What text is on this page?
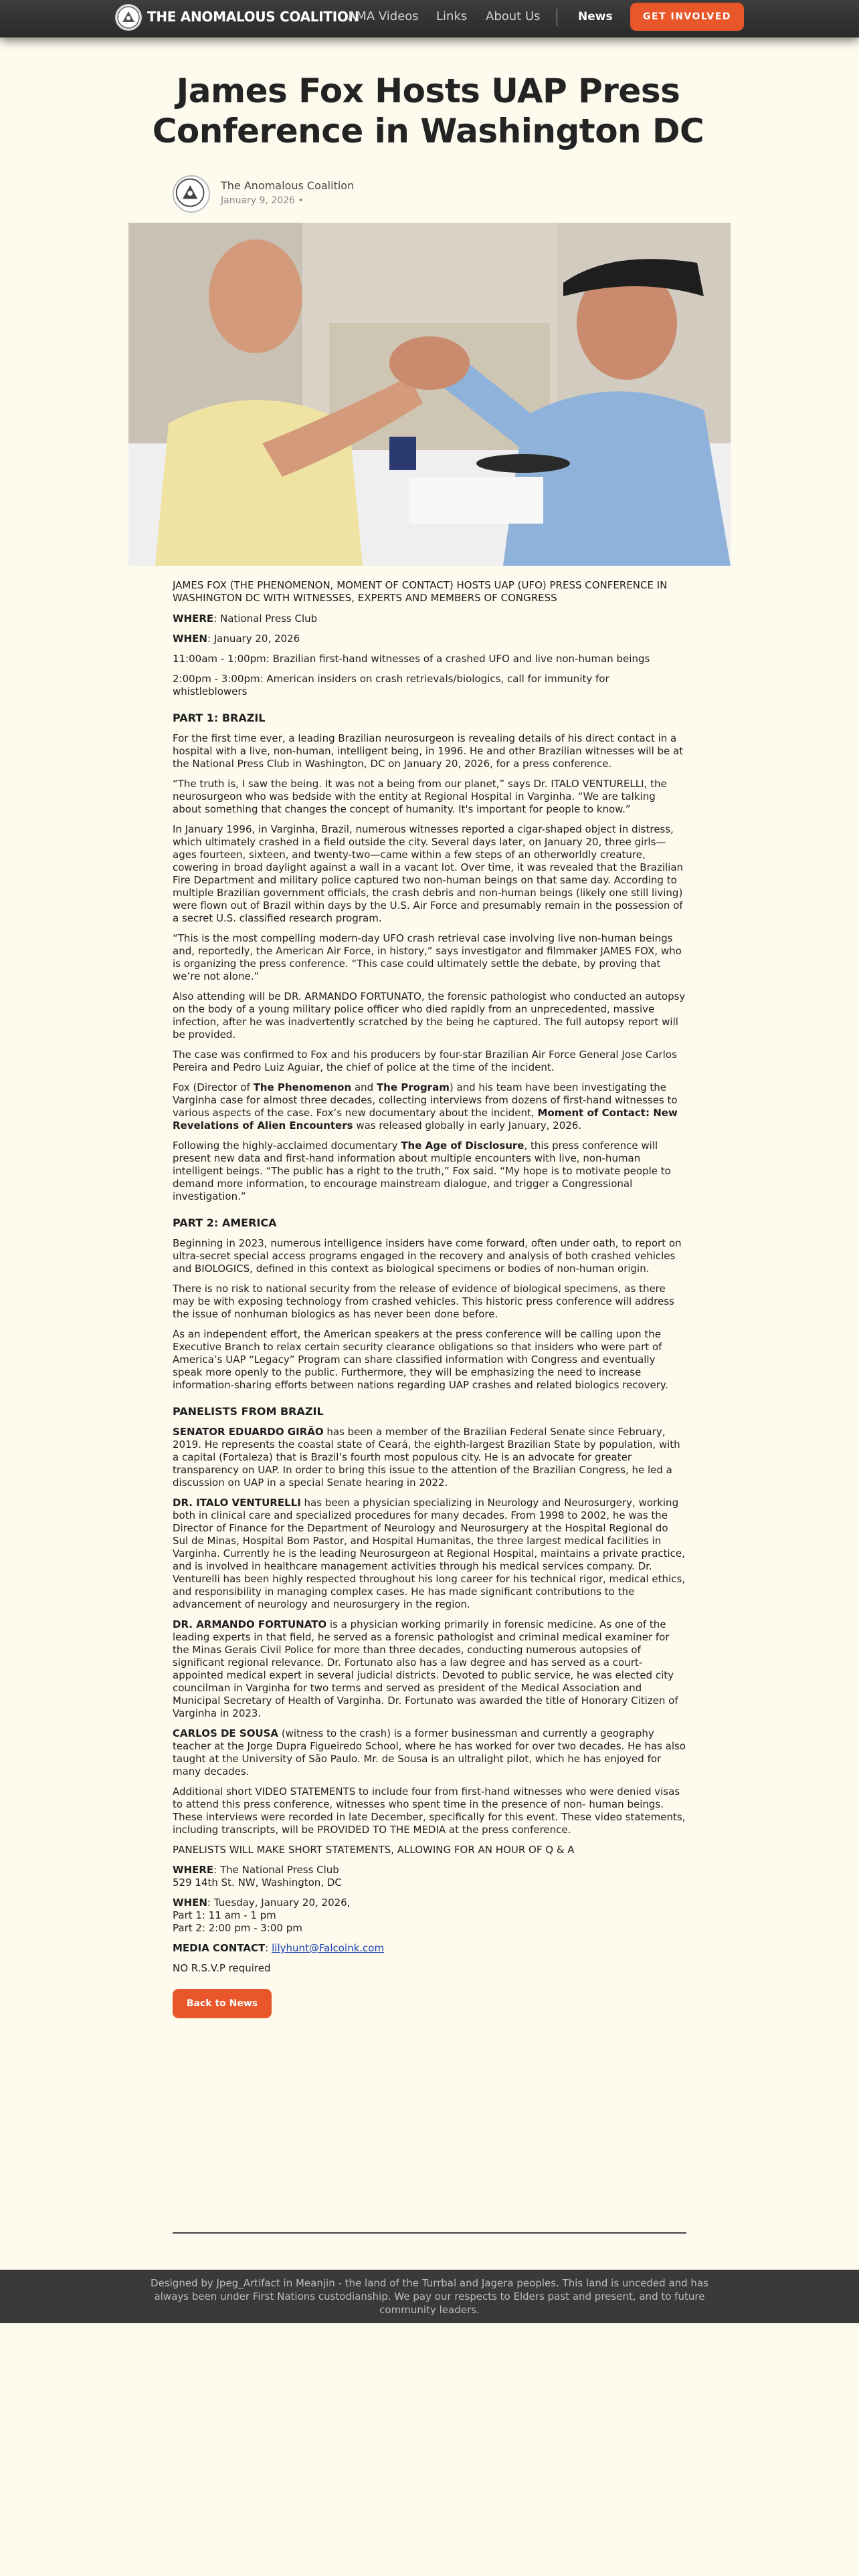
THE ANOMALOUS COALITION
AMA Videos Links About Us	News	GET INVOLVED
James Fox Hosts UAP Press Conference in Washington DC
The Anomalous Coalition
January 9, 2026 •

JAMES FOX (THE PHENOMENON, MOMENT OF CONTACT) HOSTS UAP (UFO) PRESS CONFERENCE IN WASHINGTON DC WITH WITNESSES, EXPERTS AND MEMBERS OF CONGRESS

WHERE: National Press Club

WHEN: January 20, 2026

11:00am - 1:00pm: Brazilian first-hand witnesses of a crashed UFO and live non-human beings

2:00pm - 3:00pm: American insiders on crash retrievals/biologics, call for immunity for whistleblowers

PART 1: BRAZIL

For the first time ever, a leading Brazilian neurosurgeon is revealing details of his direct contact in a hospital with a live, non-human, intelligent being, in 1996. He and other Brazilian witnesses will be at the National Press Club in Washington, DC on January 20, 2026, for a press conference.

“The truth is, I saw the being. It was not a being from our planet,” says Dr. ITALO VENTURELLI, the neurosurgeon who was bedside with the entity at Regional Hospital in Varginha. “We are talking about something that changes the concept of humanity. It's important for people to know.”

In January 1996, in Varginha, Brazil, numerous witnesses reported a cigar-shaped object in distress, which ultimately crashed in a field outside the city. Several days later, on January 20, three girls—ages fourteen, sixteen, and twenty-two—came within a few steps of an otherworldly creature, cowering in broad daylight against a wall in a vacant lot. Over time, it was revealed that the Brazilian Fire Department and military police captured two non-human beings on that same day. According to multiple Brazilian government officials, the crash debris and non-human beings (likely one still living) were flown out of Brazil within days by the U.S. Air Force and presumably remain in the possession of a secret U.S. classified research program.

“This is the most compelling modern-day UFO crash retrieval case involving live non-human beings and, reportedly, the American Air Force, in history,” says investigator and filmmaker JAMES FOX, who is organizing the press conference. “This case could ultimately settle the debate, by proving that we’re not alone.”

Also attending will be DR. ARMANDO FORTUNATO, the forensic pathologist who conducted an autopsy on the body of a young military police officer who died rapidly from an unprecedented, massive infection, after he was inadvertently scratched by the being he captured. The full autopsy report will be provided.

The case was confirmed to Fox and his producers by four-star Brazilian Air Force General Jose Carlos Pereira and Pedro Luiz Aguiar, the chief of police at the time of the incident.

Fox (Director of The Phenomenon and The Program) and his team have been investigating the Varginha case for almost three decades, collecting interviews from dozens of first-hand witnesses to various aspects of the case. Fox’s new documentary about the incident, Moment of Contact: New Revelations of Alien Encounters was released globally in early January, 2026.

Following the highly-acclaimed documentary The Age of Disclosure, this press conference will present new data and first-hand information about multiple encounters with live, non-human intelligent beings. “The public has a right to the truth,” Fox said. “My hope is to motivate people to demand more information, to encourage mainstream dialogue, and trigger a Congressional investigation.”

PART 2: AMERICA

Beginning in 2023, numerous intelligence insiders have come forward, often under oath, to report on ultra-secret special access programs engaged in the recovery and analysis of both crashed vehicles and BIOLOGICS, defined in this context as biological specimens or bodies of non-human origin.

There is no risk to national security from the release of evidence of biological specimens, as there may be with exposing technology from crashed vehicles. This historic press conference will address the issue of nonhuman biologics as has never been done before.

As an independent effort, the American speakers at the press conference will be calling upon the Executive Branch to relax certain security clearance obligations so that insiders who were part of America’s UAP “Legacy” Program can share classified information with Congress and eventually speak more openly to the public. Furthermore, they will be emphasizing the need to increase information-sharing efforts between nations regarding UAP crashes and related biologics recovery.

PANELISTS FROM BRAZIL

SENATOR EDUARDO GIRÃO has been a member of the Brazilian Federal Senate since February, 2019. He represents the coastal state of Ceará, the eighth-largest Brazilian State by population, with a capital (Fortaleza) that is Brazil’s fourth most populous city. He is an advocate for greater transparency on UAP. In order to bring this issue to the attention of the Brazilian Congress, he led a discussion on UAP in a special Senate hearing in 2022.

DR. ITALO VENTURELLI has been a physician specializing in Neurology and Neurosurgery, working both in clinical care and specialized procedures for many decades. From 1998 to 2002, he was the Director of Finance for the Department of Neurology and Neurosurgery at the Hospital Regional do Sul de Minas, Hospital Bom Pastor, and Hospital Humanitas, the three largest medical facilities in Varginha. Currently he is the leading Neurosurgeon at Regional Hospital, maintains a private practice, and is involved in healthcare management activities through his medical services company. Dr. Venturelli has been highly respected throughout his long career for his technical rigor, medical ethics, and responsibility in managing complex cases. He has made significant contributions to the advancement of neurology and neurosurgery in the region.

DR. ARMANDO FORTUNATO is a physician working primarily in forensic medicine. As one of the leading experts in that field, he served as a forensic pathologist and criminal medical examiner for the Minas Gerais Civil Police for more than three decades, conducting numerous autopsies of significant regional relevance. Dr. Fortunato also has a law degree and has served as a court-appointed medical expert in several judicial districts. Devoted to public service, he was elected city councilman in Varginha for two terms and served as president of the Medical Association and Municipal Secretary of Health of Varginha. Dr. Fortunato was awarded the title of Honorary Citizen of Varginha in 2023.

CARLOS DE SOUSA (witness to the crash) is a former businessman and currently a geography teacher at the Jorge Dupra Figueiredo School, where he has worked for over two decades. He has also taught at the University of São Paulo. Mr. de Sousa is an ultralight pilot, which he has enjoyed for many decades.

Additional short VIDEO STATEMENTS to include four from first-hand witnesses who were denied visas to attend this press conference, witnesses who spent time in the presence of non- human beings. These interviews were recorded in late December, specifically for this event. These video statements, including transcripts, will be PROVIDED TO THE MEDIA at the press conference.

PANELISTS WILL MAKE SHORT STATEMENTS, ALLOWING FOR AN HOUR OF Q & A

WHERE: The National Press Club
529 14th St. NW, Washington, DC

WHEN: Tuesday, January 20, 2026,
Part 1: 11 am - 1 pm
Part 2: 2:00 pm - 3:00 pm

MEDIA CONTACT: lilyhunt@Falcoink.com

NO R.S.V.P required

Back to News
Designed by Jpeg_Artifact in Meanjin - the land of the Turrbal and Jagera peoples. This land is unceded and has always been under First Nations custodianship. We pay our respects to Elders past and present, and to future community leaders.
